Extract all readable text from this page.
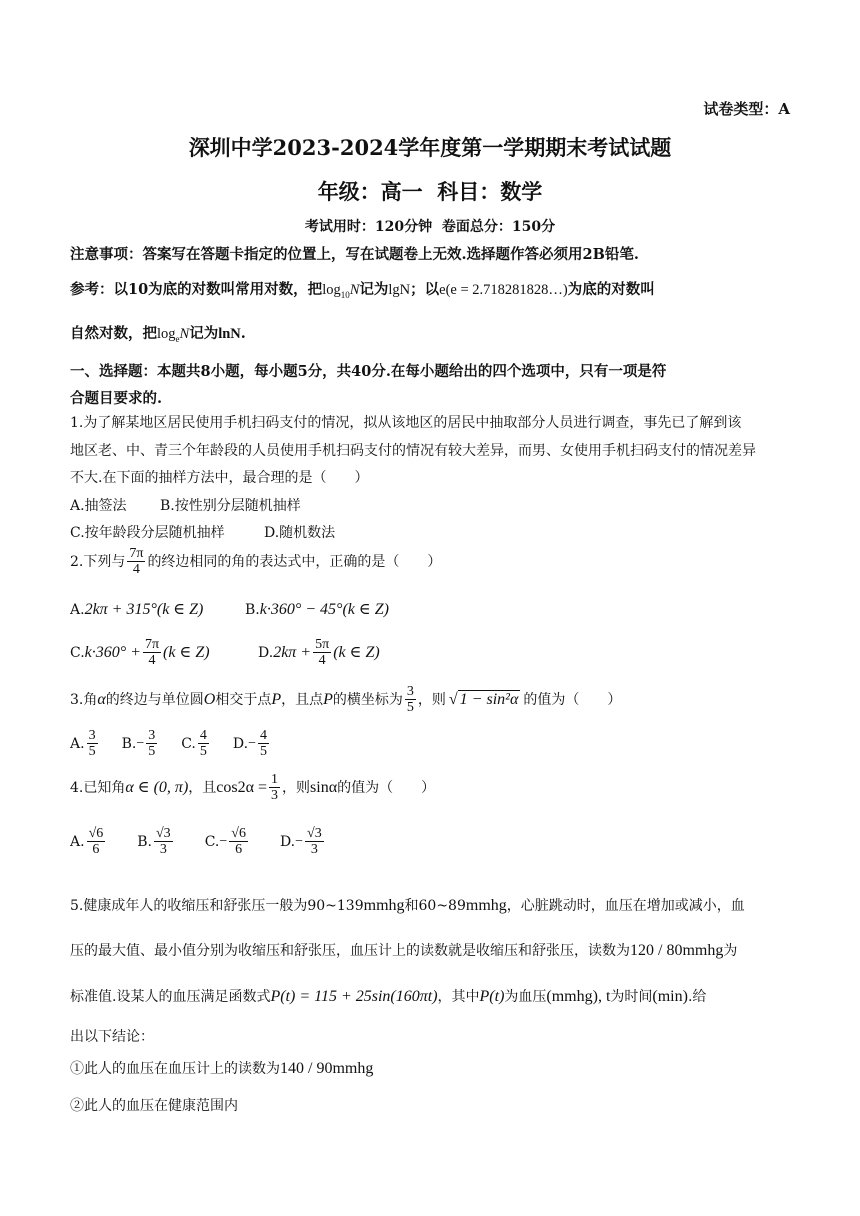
试卷类型：A
深圳中学2023-2024学年度第一学期期末考试试题
年级：高一  科目：数学
考试用时：120分钟  卷面总分：150分
注意事项：答案写在答题卡指定的位置上，写在试题卷上无效.选择题作答必须用2B铅笔.
参考：以10为底的对数叫常用对数，把$\log_{10}N$记为lgN；以e(e = 2.718281828…)为底的对数叫
自然对数，把$\log_eN$记为lnN.
一、选择题：本题共8小题，每小题5分，共40分.在每小题给出的四个选项中，只有一项是符
合题目要求的.
1.为了解某地区居民使用手机扫码支付的情况，拟从该地区的居民中抽取部分人员进行调查，事先已了解到该
地区老、中、青三个年龄段的人员使用手机扫码支付的情况有较大差异，而男、女使用手机扫码支付的情况差异
不大.在下面的抽样方法中，最合理的是（　　）
A.抽签法 B.按性别分层随机抽样
C.按年龄段分层随机抽样	D.随机数法
2.下列与 $\frac{7\pi}{4}$ 的终边相同的角的表达式中，正确的是（　　）
A. 2kπ + 315°(k ∈ Z)	B. k·360° − 45°(k ∈ Z)
C. $k\cdot 360^\circ + \frac{7\pi}{4} (k$ ∈ Z)	D. $2k\pi + \frac{5\pi}{4} (k$ ∈ Z)
3.角 α 的终边与单位圆 O 相交于点 P ，且点 P 的横坐标为 $\frac{3}{5}$ ，则 √ 1 − sin²α 的值为（　　）
A. $\frac{3}{5} B$. − $\frac{3}{5} C$. $\frac{4}{5} D$. − $\frac{4}{5}$
4.已知角 α ∈ (0, π) ，且 $\cos 2\alpha = \frac{1}{3}$ ，则 sinα 的值为（　　）
A. $\frac{√6}{6} B$. $\frac{√3}{3} C$. − $\frac{√6}{6} D$. − $\frac{√3}{3}$
5.健康成年人的收缩压和舒张压一般为90~139mmhg和60~89mmhg，心脏跳动时，血压在增加或减小，血
压的最大值、最小值分别为收缩压和舒张压，血压计上的读数就是收缩压和舒张压，读数为120 / 80mmhg为
标准值.设某人的血压满足函数式P(t) = 115 + 25sin(160πt)，其中P(t)为血压(mmhg), t为时间(min).给
出以下结论：
①此人的血压在血压计上的读数为140 / 90mmhg
②此人的血压在健康范围内
